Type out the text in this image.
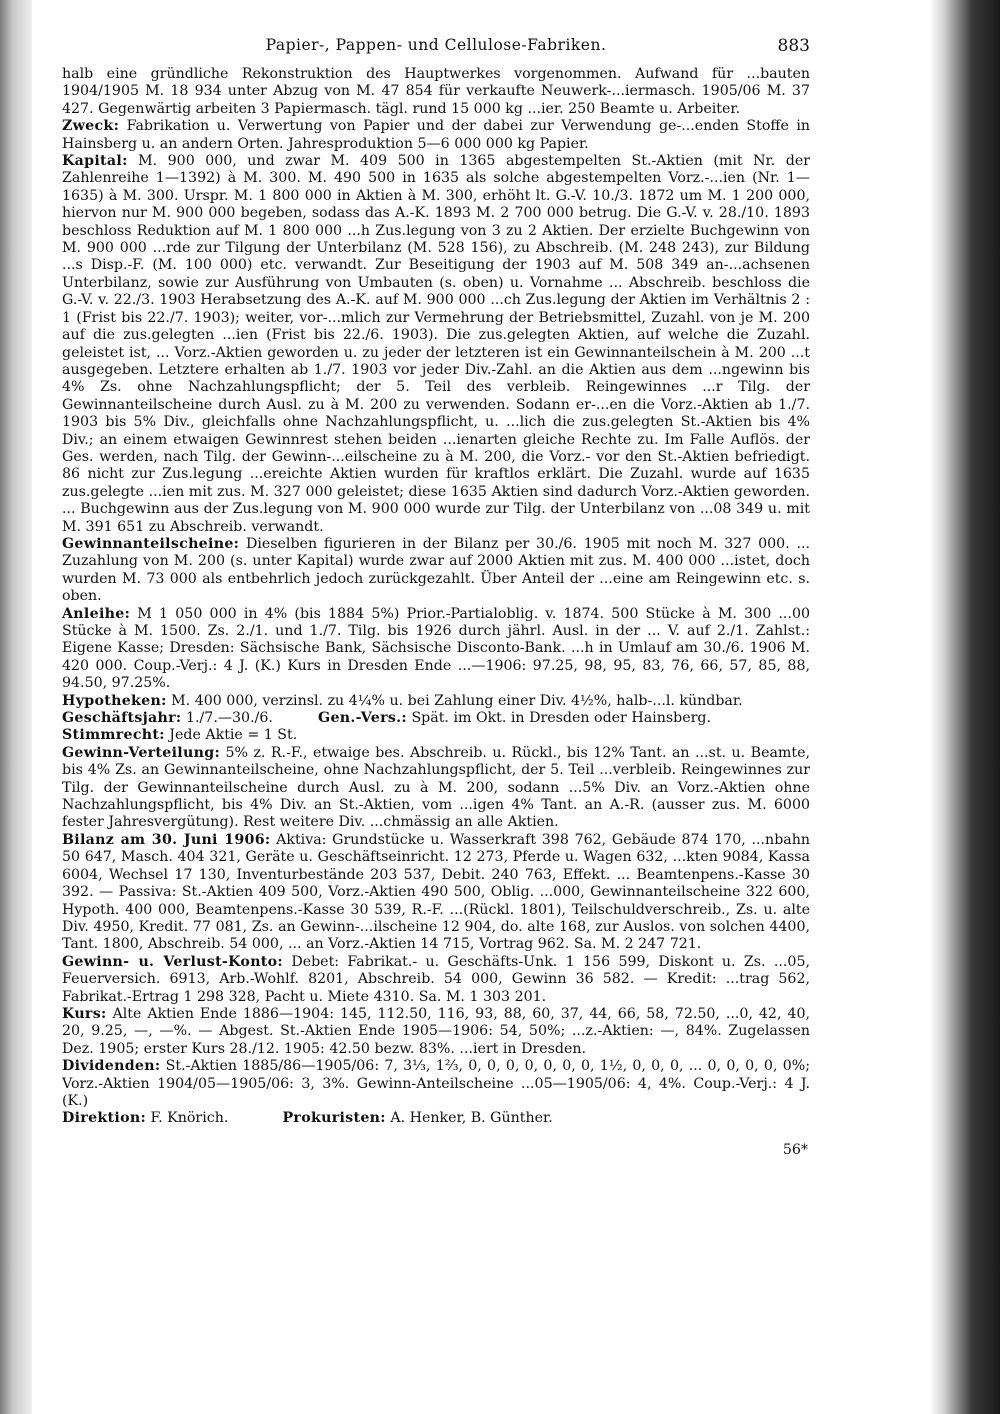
Papier-, Pappen- und Cellulose-Fabriken.	883

halb eine gründliche Rekonstruktion des Hauptwerkes vorgenommen. Aufwand für ...bauten 1904/1905 M. 18 934 unter Abzug von M. 47 854 für verkaufte Neuwerk-...iermasch. 1905/06 M. 37 427. Gegenwärtig arbeiten 3 Papiermasch. tägl. rund 15 000 kg ...ier. 250 Beamte u. Arbeiter.

Zweck: Fabrikation u. Verwertung von Papier und der dabei zur Verwendung ge-...enden Stoffe in Hainsberg u. an andern Orten. Jahresproduktion 5—6 000 000 kg Papier.

Kapital: M. 900 000, und zwar M. 409 500 in 1365 abgestempelten St.-Aktien (mit Nr. der Zahlenreihe 1—1392) à M. 300. M. 490 500 in 1635 als solche abgestempelten Vorz.-...ien (Nr. 1—1635) à M. 300. Urspr. M. 1 800 000 in Aktien à M. 300, erhöht lt. G.-V. 10./3. 1872 um M. 1 200 000, hiervon nur M. 900 000 begeben, sodass das A.-K. 1893 M. 2 700 000 betrug. Die G.-V. v. 28./10. 1893 beschloss Reduktion auf M. 1 800 000 ...h Zus.legung von 3 zu 2 Aktien. Der erzielte Buchgewinn von M. 900 000 ...rde zur Tilgung der Unterbilanz (M. 528 156), zu Abschreib. (M. 248 243), zur Bildung ...s Disp.-F. (M. 100 000) etc. verwandt. Zur Beseitigung der 1903 auf M. 508 349 an-...achsenen Unterbilanz, sowie zur Ausführung von Umbauten (s. oben) u. Vornahme ... Abschreib. beschloss die G.-V. v. 22./3. 1903 Herabsetzung des A.-K. auf M. 900 000 ...ch Zus.legung der Aktien im Verhältnis 2 : 1 (Frist bis 22./7. 1903); weiter, vor-...mlich zur Vermehrung der Betriebsmittel, Zuzahl. von je M. 200 auf die zus.gelegten ...ien (Frist bis 22./6. 1903). Die zus.gelegten Aktien, auf welche die Zuzahl. geleistet ist, ... Vorz.-Aktien geworden u. zu jeder der letzteren ist ein Gewinnanteilschein à M. 200 ...t ausgegeben. Letztere erhalten ab 1./7. 1903 vor jeder Div.-Zahl. an die Aktien aus dem ...ngewinn bis 4% Zs. ohne Nachzahlungspflicht; der 5. Teil des verbleib. Reingewinnes ...r Tilg. der Gewinnanteilscheine durch Ausl. zu à M. 200 zu verwenden. Sodann er-...en die Vorz.-Aktien ab 1./7. 1903 bis 5% Div., gleichfalls ohne Nachzahlungspflicht, u. ...lich die zus.gelegten St.-Aktien bis 4% Div.; an einem etwaigen Gewinnrest stehen beiden ...ienarten gleiche Rechte zu. Im Falle Auflös. der Ges. werden, nach Tilg. der Gewinn-...eilscheine zu à M. 200, die Vorz.- vor den St.-Aktien befriedigt. 86 nicht zur Zus.legung ...ereichte Aktien wurden für kraftlos erklärt. Die Zuzahl. wurde auf 1635 zus.gelegte ...ien mit zus. M. 327 000 geleistet; diese 1635 Aktien sind dadurch Vorz.-Aktien geworden. ... Buchgewinn aus der Zus.legung von M. 900 000 wurde zur Tilg. der Unterbilanz von ...08 349 u. mit M. 391 651 zu Abschreib. verwandt.

Gewinnanteilscheine: Dieselben figurieren in der Bilanz per 30./6. 1905 mit noch M. 327 000. ... Zuzahlung von M. 200 (s. unter Kapital) wurde zwar auf 2000 Aktien mit zus. M. 400 000 ...istet, doch wurden M. 73 000 als entbehrlich jedoch zurückgezahlt. Über Anteil der ...eine am Reingewinn etc. s. oben.

Anleihe: M 1 050 000 in 4% (bis 1884 5%) Prior.-Partialoblig. v. 1874. 500 Stücke à M. 300 ...00 Stücke à M. 1500. Zs. 2./1. und 1./7. Tilg. bis 1926 durch jährl. Ausl. in der ... V. auf 2./1. Zahlst.: Eigene Kasse; Dresden: Sächsische Bank, Sächsische Disconto-Bank. ...h in Umlauf am 30./6. 1906 M. 420 000. Coup.-Verj.: 4 J. (K.) Kurs in Dresden Ende ...—1906: 97.25, 98, 95, 83, 76, 66, 57, 85, 88, 94.50, 97.25%.

Hypotheken: M. 400 000, verzinsl. zu 4¼% u. bei Zahlung einer Div. 4½%, halb-...l. kündbar.

Geschäftsjahr: 1./7.—30./6.	Gen.-Vers.: Spät. im Okt. in Dresden oder Hainsberg.

Stimmrecht: Jede Aktie = 1 St.

Gewinn-Verteilung: 5% z. R.-F., etwaige bes. Abschreib. u. Rückl., bis 12% Tant. an ...st. u. Beamte, bis 4% Zs. an Gewinnanteilscheine, ohne Nachzahlungspflicht, der 5. Teil ...verbleib. Reingewinnes zur Tilg. der Gewinnanteilscheine durch Ausl. zu à M. 200, sodann ...5% Div. an Vorz.-Aktien ohne Nachzahlungspflicht, bis 4% Div. an St.-Aktien, vom ...igen 4% Tant. an A.-R. (ausser zus. M. 6000 fester Jahresvergütung). Rest weitere Div. ...chmässig an alle Aktien.

Bilanz am 30. Juni 1906: Aktiva: Grundstücke u. Wasserkraft 398 762, Gebäude 874 170, ...nbahn 50 647, Masch. 404 321, Geräte u. Geschäftseinricht. 12 273, Pferde u. Wagen 632, ...kten 9084, Kassa 6004, Wechsel 17 130, Inventurbestände 203 537, Debit. 240 763, Effekt. ... Beamtenpens.-Kasse 30 392. — Passiva: St.-Aktien 409 500, Vorz.-Aktien 490 500, Oblig. ...000, Gewinnanteilscheine 322 600, Hypoth. 400 000, Beamtenpens.-Kasse 30 539, R.-F. ...(Rückl. 1801), Teilschuldverschreib., Zs. u. alte Div. 4950, Kredit. 77 081, Zs. an Gewinn-...ilscheine 12 904, do. alte 168, zur Auslos. von solchen 4400, Tant. 1800, Abschreib. 54 000, ... an Vorz.-Aktien 14 715, Vortrag 962. Sa. M. 2 247 721.

Gewinn- u. Verlust-Konto: Debet: Fabrikat.- u. Geschäfts-Unk. 1 156 599, Diskont u. Zs. ...05, Feuerversich. 6913, Arb.-Wohlf. 8201, Abschreib. 54 000, Gewinn 36 582. — Kredit: ...trag 562, Fabrikat.-Ertrag 1 298 328, Pacht u. Miete 4310. Sa. M. 1 303 201.

Kurs: Alte Aktien Ende 1886—1904: 145, 112.50, 116, 93, 88, 60, 37, 44, 66, 58, 72.50, ...0, 42, 40, 20, 9.25, —, —%. — Abgest. St.-Aktien Ende 1905—1906: 54, 50%; ...z.-Aktien: —, 84%. Zugelassen Dez. 1905; erster Kurs 28./12. 1905: 42.50 bezw. 83%. ...iert in Dresden.

Dividenden: St.-Aktien 1885/86—1905/06: 7, 3⅓, 1⅔, 0, 0, 0, 0, 0, 0, 0, 1½, 0, 0, 0, ... 0, 0, 0, 0, 0%; Vorz.-Aktien 1904/05—1905/06: 3, 3%. Gewinn-Anteilscheine ...05—1905/06: 4, 4%. Coup.-Verj.: 4 J. (K.)

Direktion: F. Knörich.	Prokuristen: A. Henker, B. Günther.

56*
